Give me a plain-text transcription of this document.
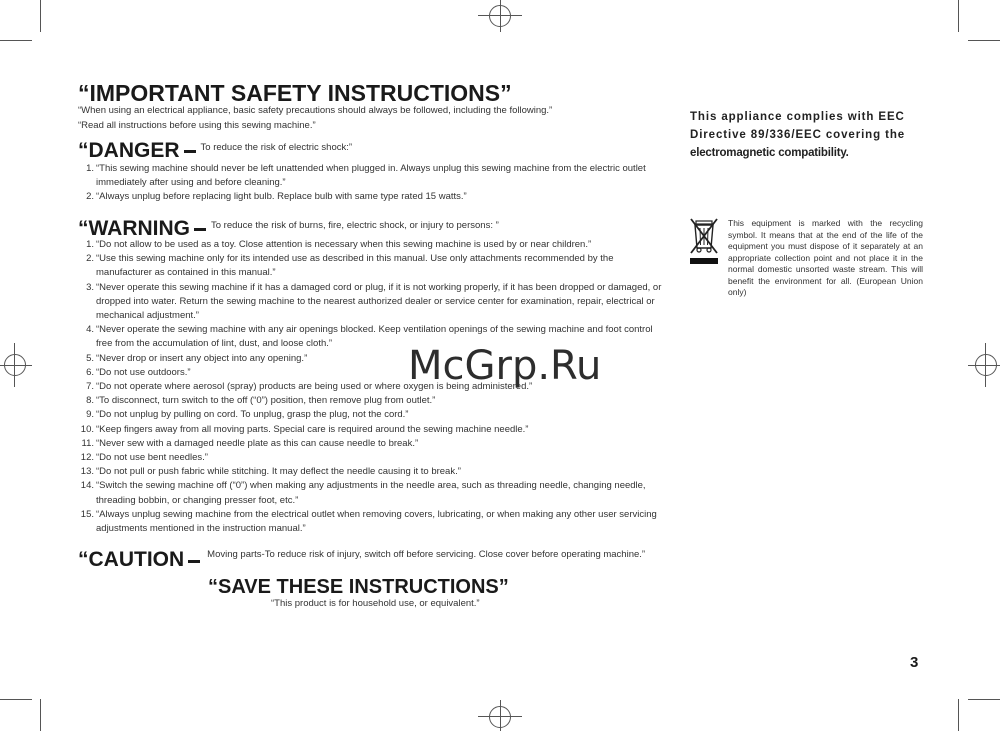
“IMPORTANT SAFETY INSTRUCTIONS”
“When using an electrical appliance, basic safety precautions should always be followed, including the following.”
“Read all instructions before using this sewing machine.”
“DANGER To reduce the risk of electric shock:”
1. “This sewing machine should never be left unattended when plugged in. Always unplug this sewing machine from the electric outlet immediately after using and before cleaning.”
2. “Always unplug before replacing light bulb. Replace bulb with same type rated 15 watts.”
“WARNING To reduce the risk of burns, fire, electric shock, or injury to persons: ”
1. “Do not allow to be used as a toy. Close attention is necessary when this sewing machine is used by or near children.”
2. “Use this sewing machine only for its intended use as described in this manual. Use only attachments recommended by the manufacturer as contained in this manual.”
3. “Never operate this sewing machine if it has a damaged cord or plug, if it is not working properly, if it has been dropped or damaged, or dropped into water. Return the sewing machine to the nearest authorized dealer or service center for examination, repair, electrical or mechanical adjustment.”
4. “Never operate the sewing machine with any air openings blocked. Keep ventilation openings of the sewing machine and foot control free from the accumulation of lint, dust, and loose cloth.”
5. “Never drop or insert any object into any opening.”
6. “Do not use outdoors.”
7. “Do not operate where aerosol (spray) products are being used or where oxygen is being administered.”
8. “To disconnect, turn switch to the off (“0”) position, then remove plug from outlet.”
9. “Do not unplug by pulling on cord. To unplug, grasp the plug, not the cord.”
10. “Keep fingers away from all moving parts. Special care is required around the sewing machine needle.”
11. “Never sew with a damaged needle plate as this can cause needle to break.”
12. “Do not use bent needles.”
13. “Do not pull or push fabric while stitching. It may deflect the needle causing it to break.”
14. “Switch the sewing machine off (“0”) when making any adjustments in the needle area, such as threading needle, changing needle, threading bobbin, or changing presser foot, etc.”
15. “Always unplug sewing machine from the electrical outlet when removing covers, lubricating, or when making any other user servicing adjustments mentioned in the instruction manual.”
“CAUTION Moving parts-To reduce risk of injury, switch off before servicing. Close cover before operating machine.”
“SAVE THESE INSTRUCTIONS”
“This product is for household use, or equivalent.”
This appliance complies with EEC
Directive 89/336/EEC covering the
electromagnetic compatibility.
This equipment is marked with the recycling symbol. It means that at the end of the life of the equipment you must dispose of it separately at an appropriate collection point and not place it in the normal domestic unsorted waste stream. This will benefit the environment for all. (European Union only)
McGrp.Ru
3
